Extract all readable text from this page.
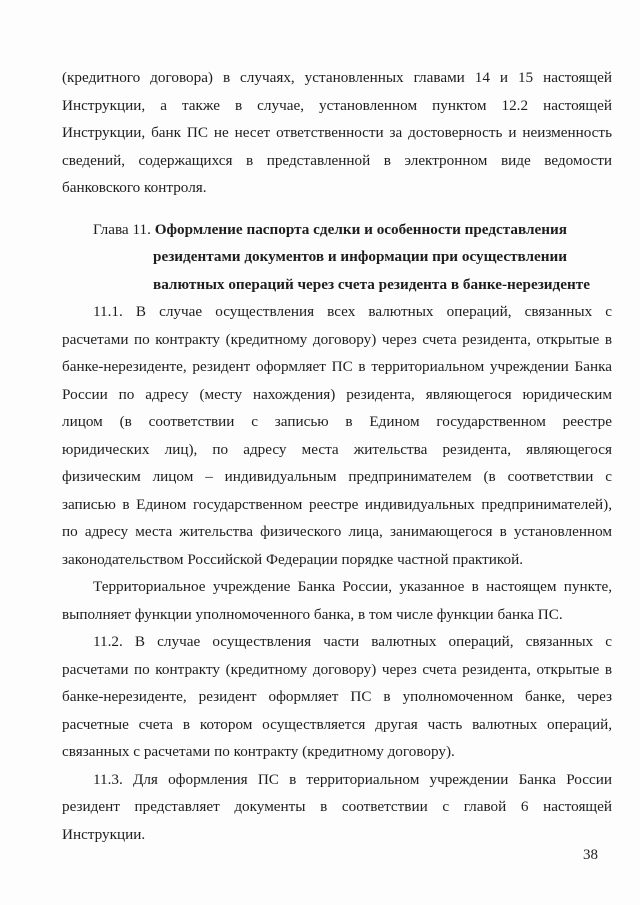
(кредитного договора) в случаях, установленных главами 14 и 15 настоящей
Инструкции, а также в случае, установленном пунктом 12.2 настоящей
Инструкции, банк ПС не несет ответственности за достоверность и неизменность
сведений, содержащихся в представленной в электронном виде ведомости
банковского контроля.
Глава 11. Оформление паспорта сделки и особенности представления
резидентами документов и информации при осуществлении
валютных операций через счета резидента в банке-нерезиденте
11.1. В случае осуществления всех валютных операций, связанных с
расчетами по контракту (кредитному договору) через счета резидента, открытые в
банке-нерезиденте, резидент оформляет ПС в территориальном учреждении Банка
России по адресу (месту нахождения) резидента, являющегося юридическим
лицом (в соответствии с записью в Едином государственном реестре
юридических лиц), по адресу места жительства резидента, являющегося
физическим лицом – индивидуальным предпринимателем (в соответствии с
записью в Едином государственном реестре индивидуальных предпринимателей),
по адресу места жительства физического лица, занимающегося в установленном
законодательством Российской Федерации порядке частной практикой.
Территориальное учреждение Банка России, указанное в настоящем пункте,
выполняет функции уполномоченного банка, в том числе функции банка ПС.
11.2. В случае осуществления части валютных операций, связанных с
расчетами по контракту (кредитному договору) через счета резидента, открытые в
банке-нерезиденте, резидент оформляет ПС в уполномоченном банке, через
расчетные счета в котором осуществляется другая часть валютных операций,
связанных с расчетами по контракту (кредитному договору).
11.3. Для оформления ПС в территориальном учреждении Банка России
резидент представляет документы в соответствии с главой 6 настоящей
Инструкции.
38
